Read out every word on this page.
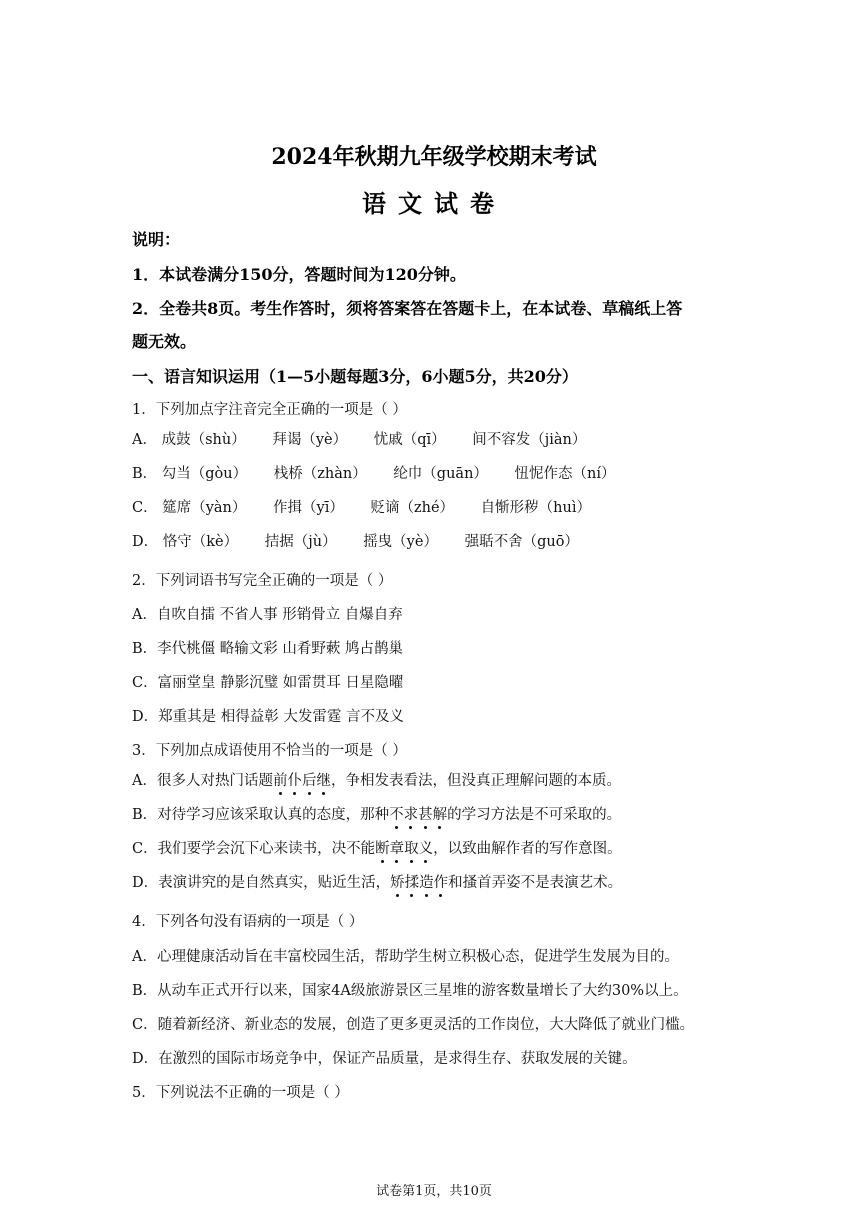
2024年秋期九年级学校期末考试
语文试卷
说明：
1．本试卷满分150分，答题时间为120分钟。
2．全卷共8页。考生作答时，须将答案答在答题卡上，在本试卷、草稿纸上答
题无效。
一、语言知识运用（1—5小题每题3分，6小题5分，共20分）
1．下列加点字注音完全正确的一项是（ ）
A． 成鼓（shù） 拜谒（yè） 忧戚（qī） 间不容发（jiàn）
B． 勾当（gòu） 栈桥（zhàn） 纶巾（guān） 忸怩作态（ní）
C． 筵席（yàn） 作揖（yī） 贬谪（zhé） 自惭形秽（huì）
D． 恪守（kè） 拮据（jù） 摇曳（yè） 强聒不舍（guō）
2．下列词语书写完全正确的一项是（ ）
A．自吹自擂 不省人事 形销骨立 自爆自弃
B．李代桃僵 略输文彩 山肴野蔌 鸠占鹊巢
C．富丽堂皇 静影沉璧 如雷贯耳 日星隐曜
D．郑重其是 相得益彰 大发雷霆 言不及义
3．下列加点成语使用不恰当的一项是（ ）
A．很多人对热门话题前仆后继，争相发表看法，但没真正理解问题的本质。
B．对待学习应该采取认真的态度，那种不求甚解的学习方法是不可采取的。
C．我们要学会沉下心来读书，决不能断章取义，以致曲解作者的写作意图。
D．表演讲究的是自然真实，贴近生活，矫揉造作和搔首弄姿不是表演艺术。
4．下列各句没有语病的一项是（ ）
A．心理健康活动旨在丰富校园生活，帮助学生树立积极心态，促进学生发展为目的。
B．从动车正式开行以来，国家4A级旅游景区三星堆的游客数量增长了大约30%以上。
C．随着新经济、新业态的发展，创造了更多更灵活的工作岗位，大大降低了就业门槛。
D．在激烈的国际市场竞争中，保证产品质量，是求得生存、获取发展的关键。
5．下列说法不正确的一项是（ ）
试卷第1页，共10页
